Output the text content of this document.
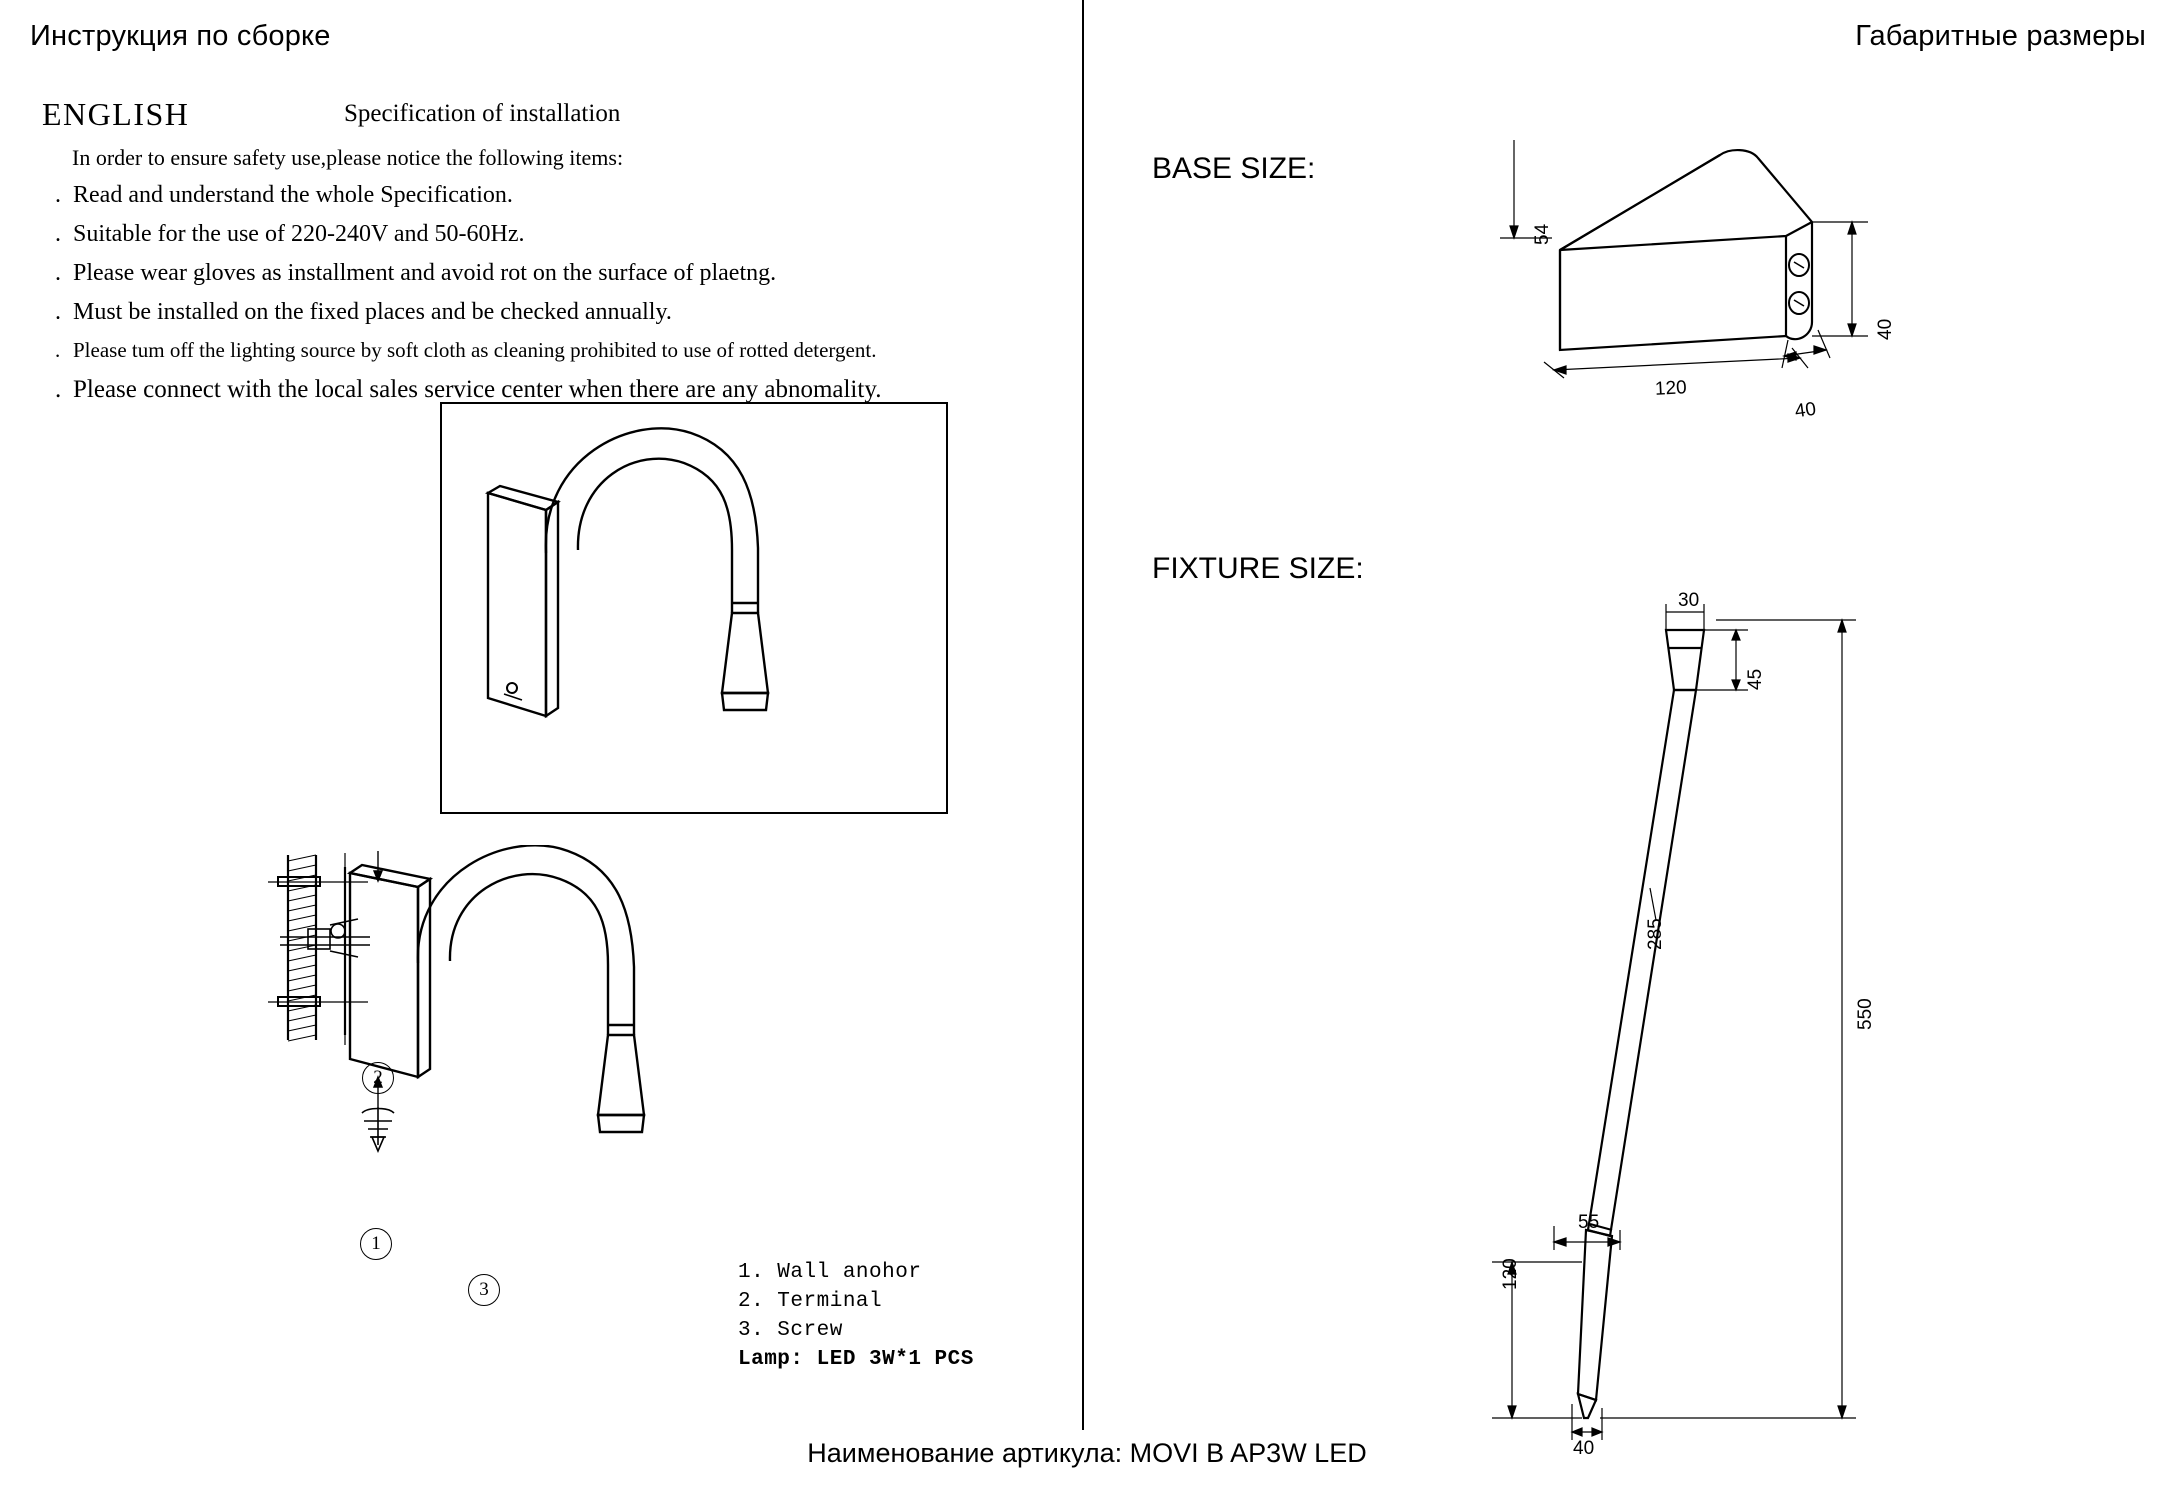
Инструкция по сборке	Габаритные размеры
ENGLISH	Specification of installation
In order to ensure safety use,please notice the following items:
. Read and understand the whole Specification.
. Suitable for the use of 220-240V and 50-60Hz.
. Please wear gloves as installment and avoid rot on the surface of plaetng.
. Must be installed on the fixed places and be checked annually.
. Please tum off the lighting source by soft cloth as cleaning prohibited to use of rotted detergent.
. Please connect with the local sales service center when there are any abnomality.
2
1
3
1. Wall anohor
2. Terminal
3. Screw
Lamp: LED 3W*1 PCS
BASE SIZE:
FIXTURE SIZE:
54
120
40
40
30
45
285
550
55
120
40
Наименование артикула: MOVI B AP3W LED
